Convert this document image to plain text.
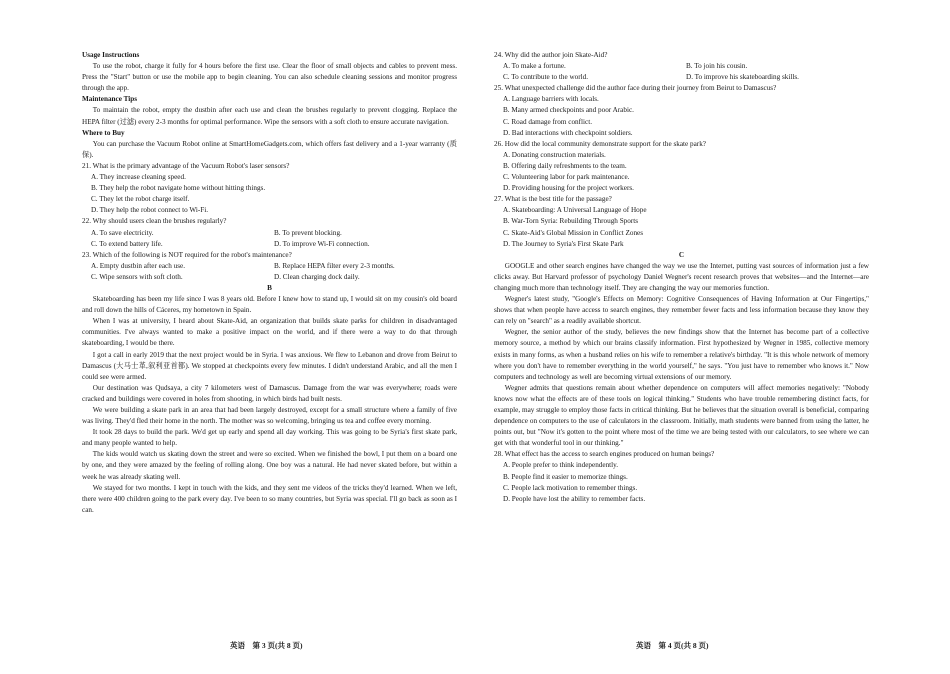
Usage Instructions

To use the robot, charge it fully for 4 hours before the first use. Clear the floor of small objects and cables to prevent mess. Press the "Start" button or use the mobile app to begin cleaning. You can also schedule cleaning sessions and monitor progress through the app.

Maintenance Tips

To maintain the robot, empty the dustbin after each use and clean the brushes regularly to prevent clogging. Replace the HEPA filter (过滤) every 2-3 months for optimal performance. Wipe the sensors with a soft cloth to ensure accurate navigation.

Where to Buy

You can purchase the Vacuum Robot online at SmartHomeGadgets.com, which offers fast delivery and a 1-year warranty (质保).

21. What is the primary advantage of the Vacuum Robot's laser sensors?

A. They increase cleaning speed.

B. They help the robot navigate home without hitting things.

C. They let the robot charge itself.

D. They help the robot connect to Wi-Fi.

22. Why should users clean the brushes regularly?

A. To save electricity.	B. To prevent blocking.
C. To extend battery life.	D. To improve Wi-Fi connection.

23. Which of the following is NOT required for the robot's maintenance?

A. Empty dustbin after each use.	B. Replace HEPA filter every 2-3 months.
C. Wipe sensors with soft cloth.	D. Clean charging dock daily.

B

Skateboarding has been my life since I was 8 years old. Before I knew how to stand up, I would sit on my cousin's old board and roll down the hills of Cáceres, my hometown in Spain.

When I was at university, I heard about Skate-Aid, an organization that builds skate parks for children in disadvantaged communities. I've always wanted to make a positive impact on the world, and if there were a way to do that through skateboarding, I would be there.

I got a call in early 2019 that the next project would be in Syria. I was anxious. We flew to Lebanon and drove from Beirut to Damascus (大马士革,叙利亚首都). We stopped at checkpoints every few minutes. I didn't understand Arabic, and all the men I could see were armed.

Our destination was Qudsaya, a city 7 kilometers west of Damascus. Damage from the war was everywhere; roads were cracked and buildings were covered in holes from shooting, in which birds had built nests.

We were building a skate park in an area that had been largely destroyed, except for a small structure where a family of five was living. They'd fled their home in the north. The mother was so welcoming, bringing us tea and coffee every morning.

It took 28 days to build the park. We'd get up early and spend all day working. This was going to be Syria's first skate park, and many people wanted to help.

The kids would watch us skating down the street and were so excited. When we finished the bowl, I put them on a board one by one, and they were amazed by the feeling of rolling along. One boy was a natural. He had never skated before, but within a week he was already skating well.

We stayed for two months. I kept in touch with the kids, and they sent me videos of the tricks they'd learned. When we left, there were 400 children going to the park every day. I've been to so many countries, but Syria was special. I'll go back as soon as I can.

英语　第 3 页(共 8 页)

24. Why did the author join Skate-Aid?

A. To make a fortune.	B. To join his cousin.
C. To contribute to the world.	D. To improve his skateboarding skills.

25. What unexpected challenge did the author face during their journey from Beirut to Damascus?

A. Language barriers with locals.

B. Many armed checkpoints and poor Arabic.

C. Road damage from conflict.

D. Bad interactions with checkpoint soldiers.

26. How did the local community demonstrate support for the skate park?

A. Donating construction materials.

B. Offering daily refreshments to the team.

C. Volunteering labor for park maintenance.

D. Providing housing for the project workers.

27. What is the best title for the passage?

A. Skateboarding: A Universal Language of Hope

B. War-Torn Syria: Rebuilding Through Sports

C. Skate-Aid's Global Mission in Conflict Zones

D. The Journey to Syria's First Skate Park

C

GOOGLE and other search engines have changed the way we use the Internet, putting vast sources of information just a few clicks away. But Harvard professor of psychology Daniel Wegner's recent research proves that websites—and the Internet—are changing much more than technology itself. They are changing the way our memories function.

Wegner's latest study, "Google's Effects on Memory: Cognitive Consequences of Having Information at Our Fingertips," shows that when people have access to search engines, they remember fewer facts and less information because they know they can rely on "search" as a readily available shortcut.

Wegner, the senior author of the study, believes the new findings show that the Internet has become part of a collective memory source, a method by which our brains classify information. First hypothesized by Wegner in 1985, collective memory exists in many forms, as when a husband relies on his wife to remember a relative's birthday. "It is this whole network of memory where you don't have to remember everything in the world yourself," he says. "You just have to remember who knows it." Now computers and technology as well are becoming virtual extensions of our memory.

Wegner admits that questions remain about whether dependence on computers will affect memories negatively: "Nobody knows now what the effects are of these tools on logical thinking." Students who have trouble remembering distinct facts, for example, may struggle to employ those facts in critical thinking. But he believes that the situation overall is beneficial, comparing dependence on computers to the use of calculators in the classroom. Initially, math students were banned from using the latter, he points out, but "Now it's gotten to the point where most of the time we are being tested with our calculators, to see where we can get with that wonderful tool in our thinking."

28. What effect has the access to search engines produced on human beings?

A. People prefer to think independently.

B. People find it easier to memorize things.

C. People lack motivation to remember things.

D. People have lost the ability to remember facts.

英语　第 4 页(共 8 页)
